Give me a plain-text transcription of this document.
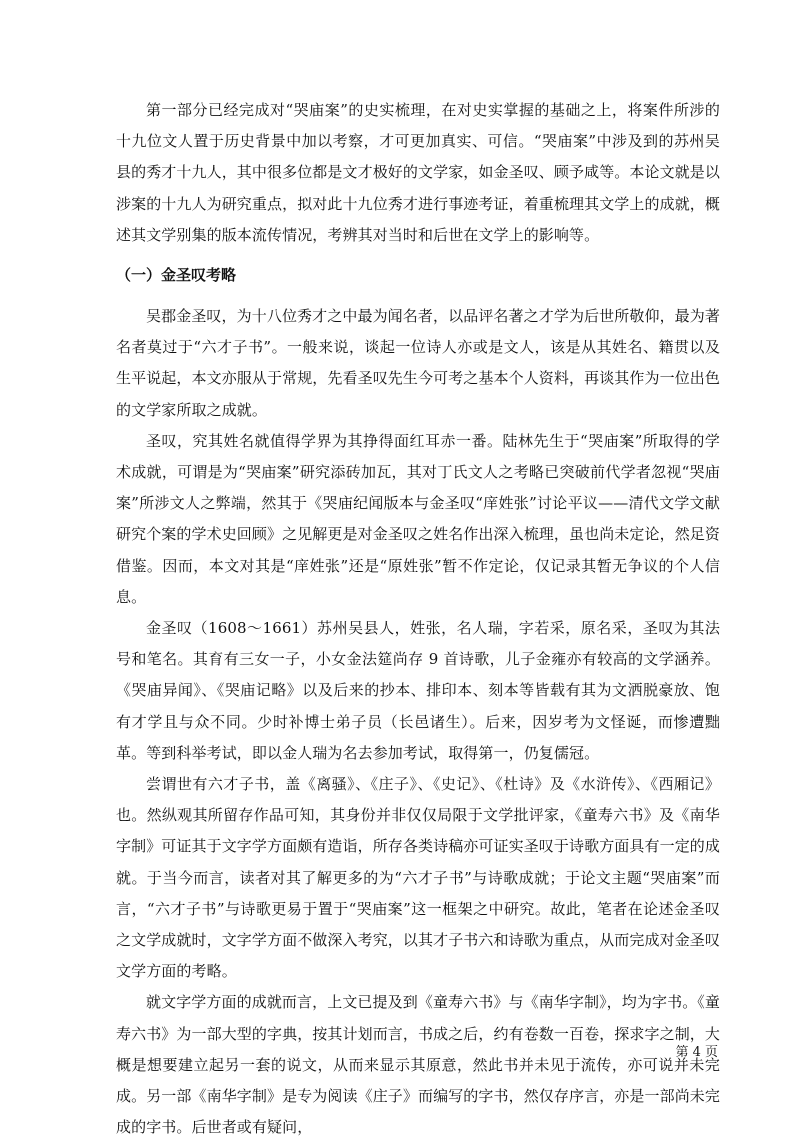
第一部分已经完成对“哭庙案”的史实梳理，在对史实掌握的基础之上，将案件所涉的十九位文人置于历史背景中加以考察，才可更加真实、可信。“哭庙案”中涉及到的苏州吴县的秀才十九人，其中很多位都是文才极好的文学家，如金圣叹、顾予咸等。本论文就是以涉案的十九人为研究重点，拟对此十九位秀才进行事迹考证，着重梳理其文学上的成就，概述其文学别集的版本流传情况，考辨其对当时和后世在文学上的影响等。

（一）金圣叹考略

吴郡金圣叹，为十八位秀才之中最为闻名者，以品评名著之才学为后世所敬仰，最为著名者莫过于“六才子书”。一般来说，谈起一位诗人亦或是文人，该是从其姓名、籍贯以及生平说起，本文亦服从于常规，先看圣叹先生今可考之基本个人资料，再谈其作为一位出色的文学家所取之成就。

圣叹，究其姓名就值得学界为其挣得面红耳赤一番。陆林先生于“哭庙案”所取得的学术成就，可谓是为“哭庙案”研究添砖加瓦，其对丁氏文人之考略已突破前代学者忽视“哭庙案”所涉文人之弊端，然其于《哭庙纪闻版本与金圣叹“庠姓张”讨论平议——清代文学文献研究个案的学术史回顾》之见解更是对金圣叹之姓名作出深入梳理，虽也尚未定论，然足资借鉴。因而，本文对其是“庠姓张”还是“原姓张”暂不作定论，仅记录其暂无争议的个人信息。

金圣叹（1608～1661）苏州吴县人，姓张，名人瑞，字若采，原名采，圣叹为其法号和笔名。其育有三女一子，小女金法筵尚存 9 首诗歌，儿子金雍亦有较高的文学涵养。《哭庙异闻》、《哭庙记略》以及后来的抄本、排印本、刻本等皆载有其为文洒脱豪放、饱有才学且与众不同。少时补博士弟子员（长邑诸生）。后来，因岁考为文怪诞，而惨遭黜革。等到科举考试，即以金人瑞为名去参加考试，取得第一，仍复儒冠。

尝谓世有六才子书，盖《离骚》、《庄子》、《史记》、《杜诗》及《水浒传》、《西厢记》也。然纵观其所留存作品可知，其身份并非仅仅局限于文学批评家，《童寿六书》及《南华字制》可证其于文字学方面颇有造诣，所存各类诗稿亦可证实圣叹于诗歌方面具有一定的成就。于当今而言，读者对其了解更多的为“六才子书”与诗歌成就；于论文主题“哭庙案”而言，“六才子书”与诗歌更易于置于“哭庙案”这一框架之中研究。故此，笔者在论述金圣叹之文学成就时，文字学方面不做深入考究，以其才子书六和诗歌为重点，从而完成对金圣叹文学方面的考略。

就文字学方面的成就而言，上文已提及到《童寿六书》与《南华字制》，均为字书。《童寿六书》为一部大型的字典，按其计划而言，书成之后，约有卷数一百卷，探求字之制，大概是想要建立起另一套的说文，从而来显示其原意，然此书并未见于流传，亦可说并未完成。另一部《南华字制》是专为阅读《庄子》而编写的字书，然仅存序言，亦是一部尚未完成的字书。后世者或有疑问，

第 4 页
